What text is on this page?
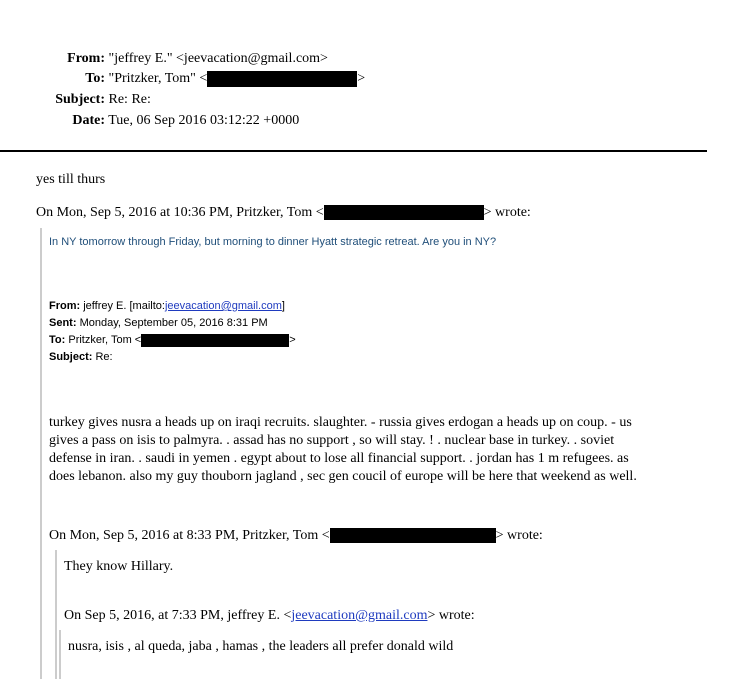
From: "jeffrey E." <jeevacation@gmail.com>
To: "Pritzker, Tom" <	>
Subject: Re: Re:
Date: Tue, 06 Sep 2016 03:12:22 +0000
yes till thurs
On Mon, Sep 5, 2016 at 10:36 PM, Pritzker, Tom <	> wrote:
In NY tomorrow through Friday, but morning to dinner Hyatt strategic retreat. Are you in NY?
From: jeffrey E. [mailto:jeevacation@gmail.com]
Sent: Monday, September 05, 2016 8:31 PM
To: Pritzker, Tom <	>
Subject: Re:
turkey gives nusra a heads up on iraqi recruits. slaughter. - russia gives erdogan a heads up on coup. - us
gives a pass on isis to palmyra. . assad has no support , so will stay. ! . nuclear base in turkey. . soviet
defense in iran. . saudi in yemen . egypt about to lose all financial support. . jordan has 1 m refugees. as
does lebanon. also my guy thouborn jagland , sec gen coucil of europe will be here that weekend as well.
On Mon, Sep 5, 2016 at 8:33 PM, Pritzker, Tom <	> wrote:
They know Hillary.
On Sep 5, 2016, at 7:33 PM, jeffrey E. <jeevacation@gmail.com> wrote:
nusra, isis , al queda, jaba , hamas , the leaders all prefer donald wild
